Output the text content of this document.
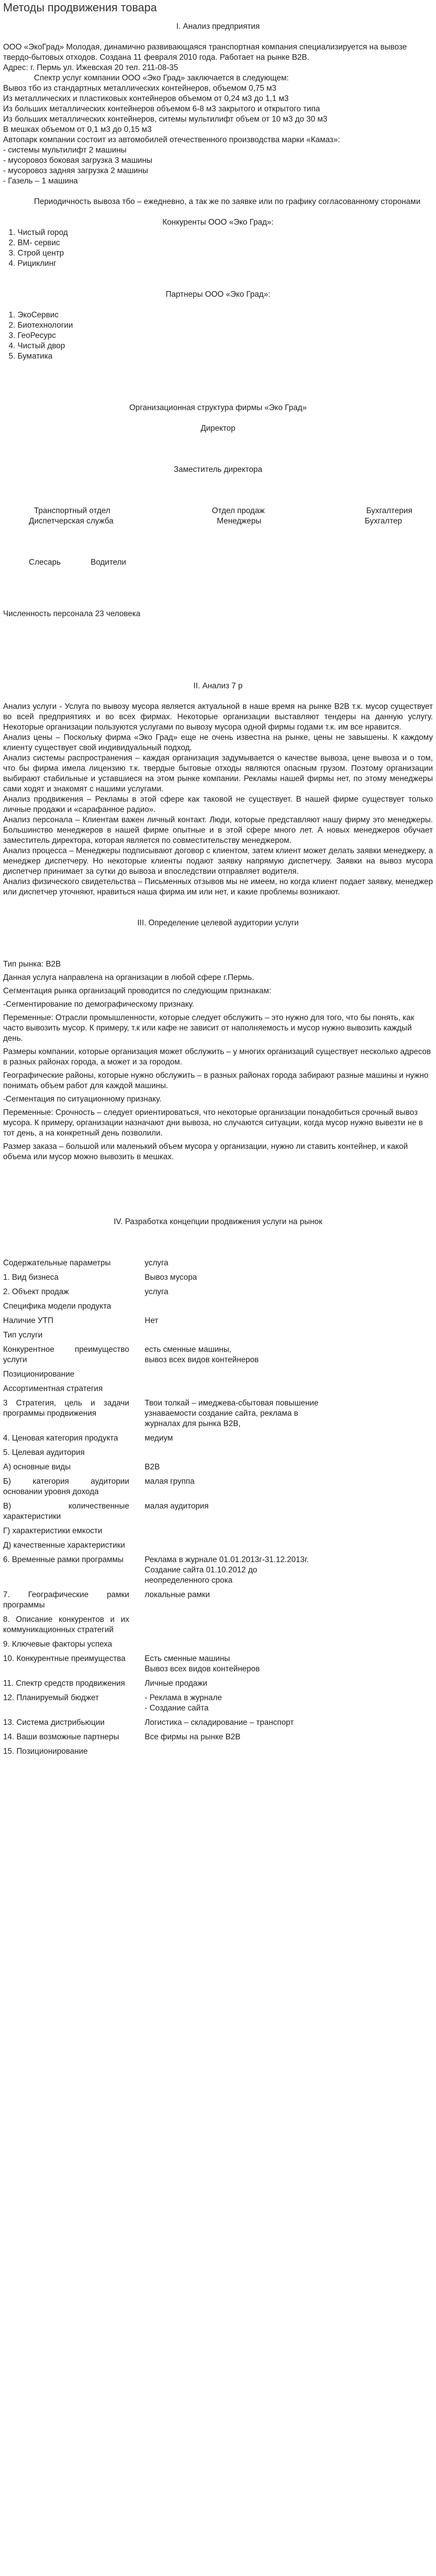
Методы продвижения товара

I. Анализ предприятия

ООО «ЭкоГрад» Молодая, динамично развивающаяся транспортная компания специализируется на вывозе твердо-бытовых отходов. Создана 11 февраля 2010 года. Работает на рынке B2B.

Адрес: г. Пермь ул. Ижевская 20 тел. 211-08-35

Спектр услуг компании ООО «Эко Град» заключается в следующем:

Вывоз тбо из стандартных металлических контейнеров, объемом 0,75 м3

Из металлических и пластиковых контейнеров объемом от 0,24 м3 до 1,1 м3

Из больших металлических контейнеров объемом 6-8 м3 закрытого и открытого типа

Из больших металлических контейнеров, ситемы мультилифт объем от 10 м3 до 30 м3

В мешках объемом от 0,1 м3 до 0,15 м3

Автопарк компании состоит из автомобилей отечественного производства марки «Камаз»:

- системы мультилифт 2 машины

- мусоровоз боковая загрузка 3 машины

- мусоровоз задняя загрузка 2 машины

- Газель – 1 машина

Периодичность вывоза тбо – ежедневно, а так же по заявке или по графику согласованному сторонами

Конкуренты ООО «Эко Град»:

1. Чистый город
2. ВМ- сервис
3. Строй центр
4. Рициклинг

Партнеры ООО «Эко Град»:

1. ЭкоСервис
2. Биотехнологии
3. ГеоРесурс
4. Чистый двор
5. Буматика

Организационная структура фирмы «Эко Град»

Директор

Заместитель директора

Транспортный отдел	Отдел продаж	Бухгалтерия
Диспетчерская служба	Менеджеры	Бухгалтер
Слесарь	Водители

Численность персонала 23 человека

II. Анализ 7 p

Анализ услуги - Услуга по вывозу мусора является актуальной в наше время на рынке B2B т.к. мусор существует во всей предприятиях и во всех фирмах. Некоторые организации выставляют тендеры на данную услугу. Некоторые организации пользуются услугами по вывозу мусора одной фирмы годами т.к. им все нравится.

Анализ цены – Поскольку фирма «Эко Град» еще не очень известна на рынке, цены не завышены. К каждому клиенту существует свой индивидуальный подход.

Анализ системы распространения – каждая организация задумывается о качестве вывоза, цене вывоза и о том, что бы фирма имела лицензию т.к. твердые бытовые отходы являются опасным грузом. Поэтому организации выбирают стабильные и уставшиеся на этом рынке компании. Рекламы нашей фирмы нет, по этому менеджеры сами ходят и знакомят с нашими услугами.

Анализ продвижения – Рекламы в этой сфере как таковой не существует. В нашей фирме существует только личные продажи и «сарафанное радио».

Анализ персонала – Клиентам важен личный контакт. Люди, которые представляют нашу фирму это менеджеры. Большинство менеджеров в нашей фирме опытные и в этой сфере много лет. А новых менеджеров обучает заместитель директора, которая является по совместительству менеджером.

Анализ процесса – Менеджеры подписывают договор с клиентом, затем клиент может делать заявки менеджеру, а менеджер диспетчеру. Но некоторые клиенты подают заявку напрямую диспетчеру. Заявки на вывоз мусора диспетчер принимает за сутки до вывоза и впоследствии отправляет водителя.

Анализ физического свидетельства – Письменных отзывов мы не имеем, но когда клиент подает заявку, менеджер или диспетчер уточняют, нравиться наша фирма им или нет, и какие проблемы возникают.

III. Определение целевой аудитории услуги

Тип рынка: B2B

Данная услуга направлена на организации в любой сфере г.Пермь.

Сегментация рынка организаций проводится по следующим признакам:

-Сегментирование по демографическому признаку.

Переменные: Отрасли промышленности, которые следует обслужить – это нужно для того, что бы понять, как часто вывозить мусор. К примеру, т.к или кафе не зависит от наполняемость и мусор нужно вывозить каждый день.

Размеры компании, которые организация может обслужить – у многих организаций существует несколько адресов в разных районах города, а может и за городом.

Географические районы, которые нужно обслужить – в разных районах города забирают разные машины и нужно понимать объем работ для каждой машины.

-Сегментация по ситуационному признаку.

Переменные: Срочность – следует ориентироваться, что некоторые организации понадобиться срочный вывоз мусора. К примеру, организации назначают дни вывоза, но случаются ситуации, когда мусор нужно вывезти не в тот день, а на конкретный день позволили.

Размер заказа – большой или маленький объем мусора у организации, нужно ли ставить контейнер, и какой объема или мусор можно вывозить в мешках.

IV. Разработка концепции продвижения услуги на рынок

Содержательные параметры	услуга

1. Вид бизнеса	Вывоз мусора

2. Объект продаж	услуга

Специфика модели продукта	

Наличие УТП	Нет

Тип услуги	

Конкурентное преимущество услуги	есть сменные машины,
вывоз всех видов контейнеров

Позиционирование	

Ассортиментная стратегия	

3 Стратегия, цель и задачи программы продвижения	Твои толкай – имеджева-сбытовая повышение узнаваемости создание сайта, реклама в журналах для рынка B2B,

4. Ценовая категория продукта	медиум

5. Целевая аудитория	

А) основные виды	B2B

Б) категория аудитории основании уровня дохода	малая группа

В) количественные характеристики	малая аудитория

Г) характеристики емкости	

Д) качественные характеристики	

6. Временные рамки программы	Реклама в журнале 01.01.2013г-31.12.2013г.
Создание сайта 01.10.2012 до неопределенного срока

7. Географические рамки программы	локальные рамки

8. Описание конкурентов и их коммуникационных стратегий	

9. Ключевые факторы успеха	

10. Конкурентные преимущества	Есть сменные машины
Вывоз всех видов контейнеров

11. Спектр средств продвижения	Личные продажи

12. Планируемый бюджет	- Реклама в журнале
- Создание сайта

13. Система дистрибьюции	Логистика – складирование – транспорт

14. Ваши возможные партнеры	Все фирмы на рынке B2B

15. Позиционирование	
